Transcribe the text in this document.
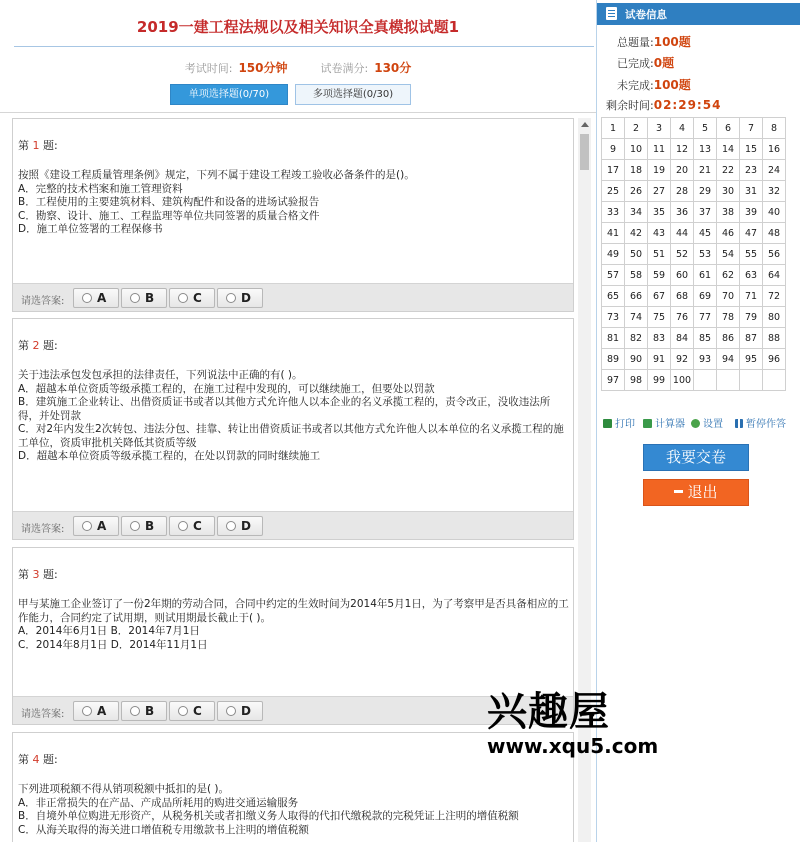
2019一建工程法规以及相关知识全真模拟试题1
考试时间: 150分钟	试卷满分: 130分
单项选择题(0/70)	多项选择题(0/30)
第 1 题:
按照《建设工程质量管理条例》规定，下列不属于建设工程竣工验收必备条件的是()。
A．完整的技术档案和施工管理资料
B．工程使用的主要建筑材料、建筑构配件和设备的进场试验报告
C．勘察、设计、施工、工程监理等单位共同签署的质量合格文件
D．施工单位签署的工程保修书
请选答案:	A	B	C	D
第 2 题:
关于违法承包发包承担的法律责任，下列说法中正确的有( )。
A．超越本单位资质等级承揽工程的，在施工过程中发现的，可以继续施工，但要处以罚款
B．建筑施工企业转让、出借资质证书或者以其他方式允许他人以本企业的名义承揽工程的，责令改正，没收违法所得，并处罚款
C．对2年内发生2次转包、违法分包、挂靠、转让出借资质证书或者以其他方式允许他人以本单位的名义承揽工程的施工单位，资质审批机关降低其资质等级
D．超越本单位资质等级承揽工程的，在处以罚款的同时继续施工
请选答案:	A	B	C	D
第 3 题:
甲与某施工企业签订了一份2年期的劳动合同，合同中约定的生效时间为2014年5月1日，为了考察甲是否具备相应的工作能力，合同约定了试用期，则试用期最长截止于( )。
A．2014年6月1日 B．2014年7月1日
C．2014年8月1日 D．2014年11月1日
请选答案:	A	B	C	D
第 4 题:
下列进项税额不得从销项税额中抵扣的是( )。
A．非正常损失的在产品、产成品所耗用的购进交通运输服务
B．自境外单位购进无形资产，从税务机关或者扣缴义务人取得的代扣代缴税款的完税凭证上注明的增值税额
C．从海关取得的海关进口增值税专用缴款书上注明的增值税额
试卷信息
总题量:100题
已完成:0题
未完成:100题
剩余时间:02:29:54
1	2	3	4	5	6	7	8
9	10	11	12	13	14	15	16
17	18	19	20	21	22	23	24
25	26	27	28	29	30	31	32
33	34	35	36	37	38	39	40
41	42	43	44	45	46	47	48
49	50	51	52	53	54	55	56
57	58	59	60	61	62	63	64
65	66	67	68	69	70	71	72
73	74	75	76	77	78	79	80
81	82	83	84	85	86	87	88
89	90	91	92	93	94	95	96
97	98	99	100				
打印	计算器	设置	暂停作答
我要交卷
退出
兴趣屋
www.xqu5.com
